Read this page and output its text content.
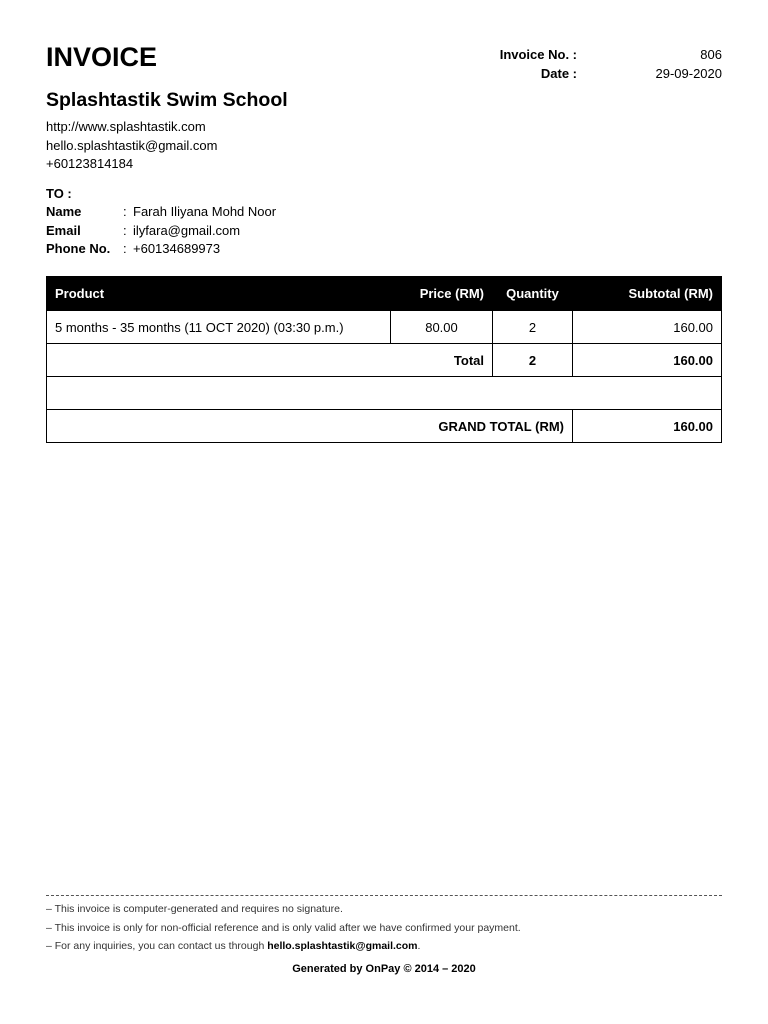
INVOICE	Invoice No. :	806
Date :	29-09-2020
Splashtastik Swim School
http://www.splashtastik.com
hello.splashtastik@gmail.com
+60123814184
TO :
Name	: Farah Iliyana Mohd Noor
Email	: ilyfara@gmail.com
Phone No. : +60134689973
Product	Price (RM)	Quantity	Subtotal (RM)
5 months - 35 months (11 OCT 2020) (03:30 p.m.)	80.00	2	160.00
Total		2	160.00

GRAND TOTAL (RM)			160.00
– This invoice is computer-generated and requires no signature.
– This invoice is only for non-official reference and is only valid after we have confirmed your payment.
– For any inquiries, you can contact us through hello.splashtastik@gmail.com.
Generated by OnPay © 2014 – 2020
